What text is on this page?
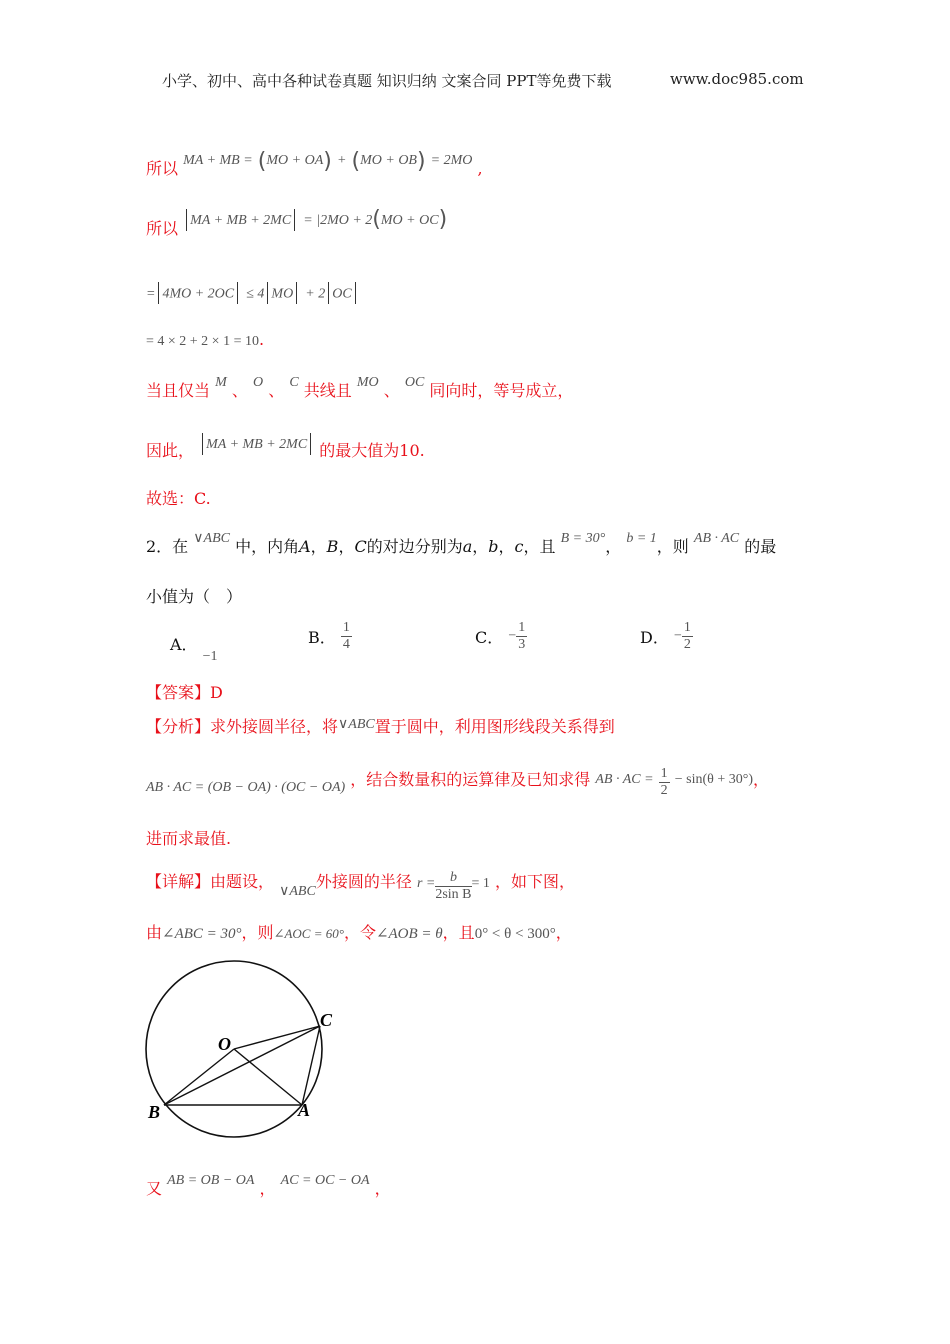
小学、初中、高中各种试卷真题 知识归纳 文案合同 PPT等免费下载	www.doc985.com
所以 MA + MB = (MO + OA) + (MO + OB) = 2MO ,
所以 MA + MB + 2MC = |2MO + 2(MO + OC)
= 4MO + 2OC ≤ 4 MO + 2 OC
= 4 × 2 + 2 × 1 = 10.
当且仅当 M 、 O 、 C 共线且 MO 、 OC 同向时，等号成立，
因此， MA + MB + 2MC 的最大值为10.
故选：C.
2．在 ∨ABC 中，内角A，B，C的对边分别为a，b，c，且 B = 30°， b = 1，则 AB · AC 的最
小值为（　）
A． −1
B． $\frac{1}{4}$	C． − $\frac{1}{3}$	D． − $\frac{1}{2}$
【答案】D
【分析】求外接圆半径，将∨ABC置于圆中，利用图形线段关系得到
AB · AC = (OB − OA) · (OC − OA) ，结合数量积的运算律及已知求得 AB · AC = $\frac{1}{2} - \sin(\theta + 30^\circ)$，
进而求最值.
【详解】由题设， ∨ABC外接圆的半径 $r = \frac{b}{\text{2sin B}} = 1$ ，如下图，
由∠ABC = 30°，则∠AOC = 60°，令∠AOB = θ，且0° < θ < 300°，
O
C
B	A
又 AB = OB − OA ， AC = OC − OA ，
